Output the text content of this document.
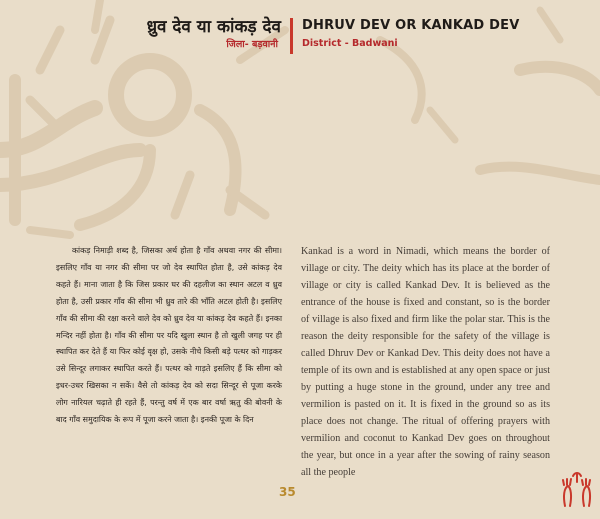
ध्रुव देव या कांकड़ देव
जिला- बड़वानी
DHRUV DEV OR KANKAD DEV
District - Badwani

कांकड़ निमाड़ी शब्द है, जिसका अर्थ होता है गाँव अथवा नगर की सीमा। इसलिए गाँव या नगर की सीमा पर जो देव स्थापित होता है, उसे कांकड़ देव कहते हैं। माना जाता है कि जिस प्रकार घर की दहलीज का स्थान अटल व ध्रुव होता है, उसी प्रकार गाँव की सीमा भी ध्रुव तारे की भाँति अटल होती है। इसलिए गाँव की सीमा की रक्षा करने वाले देव को ध्रुव देव या कांकड़ देव कहते हैं। इनका मन्दिर नहीं होता है। गाँव की सीमा पर यदि खुला स्थान है तो खुली जगह पर ही स्थापित कर देते हैं या फिर कोई वृक्ष हो, उसके नीचे किसी बड़े पत्थर को गाड़कर उसे सिन्दूर लगाकर स्थापित करते हैं। पत्थर को गाड़ते इसलिए हैं कि सीमा को इधर-उधर खिसका न सकें। वैसे तो कांकड़ देव को सदा सिन्दूर से पूजा करके लोग नारियल चढ़ाते ही रहते हैं, परन्तु वर्ष में एक बार वर्षा ऋतु की बोवनी के बाद गाँव समुदायिक के रूप में पूजा करने जाता है। इनकी पूजा के दिन

Kankad is a word in Nimadi, which means the border of village or city. The deity which has its place at the border of village or city is called Kankad Dev. It is believed as the entrance of the house is fixed and constant, so is the border of village is also fixed and firm like the polar star. This is the reason the deity responsible for the safety of the village is called Dhruv Dev or Kankad Dev. This deity does not have a temple of its own and is established at any open space or just by putting a huge stone in the ground, under any tree and vermilion is pasted on it. It is fixed in the ground so as its place does not change. The ritual of offering prayers with vermilion and coconut to Kankad Dev goes on throughout the year, but once in a year after the sowing of rainy season all the people

35
